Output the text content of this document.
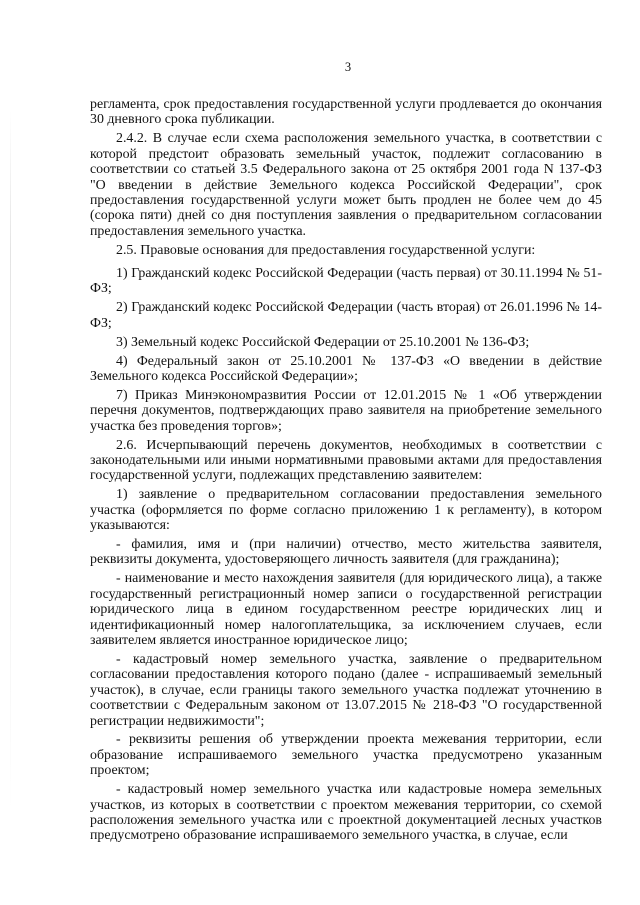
3

регламента, срок предоставления государственной услуги продлевается до окончания 30 дневного срока публикации.

2.4.2. В случае если схема расположения земельного участка, в соответствии с которой предстоит образовать земельный участок, подлежит согласованию в соответствии со статьей 3.5 Федерального закона от 25 октября 2001 года N 137-ФЗ "О введении в действие Земельного кодекса Российской Федерации", срок предоставления государственной услуги может быть продлен не более чем до 45 (сорока пяти) дней со дня поступления заявления о предварительном согласовании предоставления земельного участка.

2.5. Правовые основания для предоставления государственной услуги:

1) Гражданский кодекс Российской Федерации (часть первая) от 30.11.1994 № 51-ФЗ;

2) Гражданский кодекс Российской Федерации (часть вторая) от 26.01.1996 № 14-ФЗ;

3) Земельный кодекс Российской Федерации от 25.10.2001 № 136-ФЗ;

4) Федеральный закон от 25.10.2001 № 137-ФЗ «О введении в действие Земельного кодекса Российской Федерации»;

7) Приказ Минэкономразвития России от 12.01.2015 № 1 «Об утверждении перечня документов, подтверждающих право заявителя на приобретение земельного участка без проведения торгов»;

2.6. Исчерпывающий перечень документов, необходимых в соответствии с законодательными или иными нормативными правовыми актами для предоставления государственной услуги, подлежащих представлению заявителем:

1) заявление о предварительном согласовании предоставления земельного участка (оформляется по форме согласно приложению 1 к регламенту), в котором указываются:

- фамилия, имя и (при наличии) отчество, место жительства заявителя, реквизиты документа, удостоверяющего личность заявителя (для гражданина);

- наименование и место нахождения заявителя (для юридического лица), а также государственный регистрационный номер записи о государственной регистрации юридического лица в едином государственном реестре юридических лиц и идентификационный номер налогоплательщика, за исключением случаев, если заявителем является иностранное юридическое лицо;

- кадастровый номер земельного участка, заявление о предварительном согласовании предоставления которого подано (далее - испрашиваемый земельный участок), в случае, если границы такого земельного участка подлежат уточнению в соответствии с Федеральным законом от 13.07.2015 № 218-ФЗ "О государственной регистрации недвижимости";

- реквизиты решения об утверждении проекта межевания территории, если образование испрашиваемого земельного участка предусмотрено указанным проектом;

- кадастровый номер земельного участка или кадастровые номера земельных участков, из которых в соответствии с проектом межевания территории, со схемой расположения земельного участка или с проектной документацией лесных участков предусмотрено образование испрашиваемого земельного участка, в случае, если
